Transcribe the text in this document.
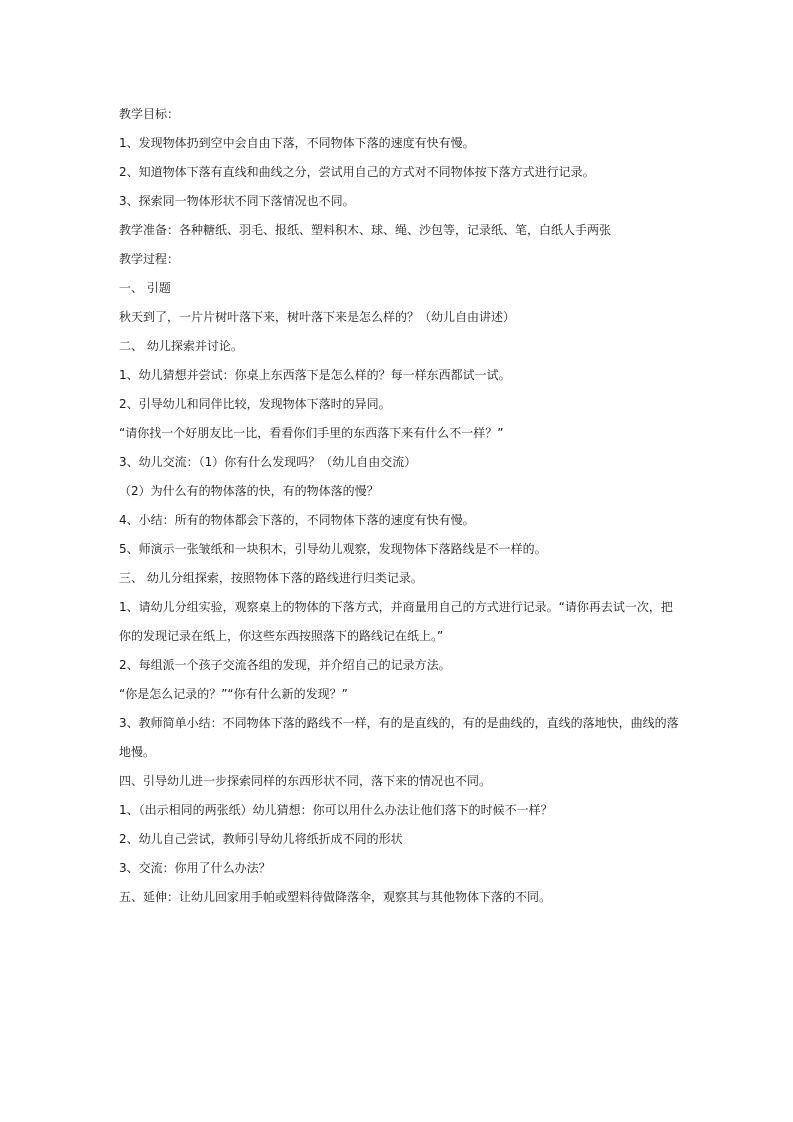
教学目标：
1、发现物体扔到空中会自由下落，不同物体下落的速度有快有慢。
2、知道物体下落有直线和曲线之分，尝试用自己的方式对不同物体按下落方式进行记录。
3、探索同一物体形状不同下落情况也不同。
教学准备：各种糖纸、羽毛、报纸、塑料积木、球、绳、沙包等，记录纸、笔，白纸人手两张
教学过程：
一、 引题
秋天到了，一片片树叶落下来，树叶落下来是怎么样的？（幼儿自由讲述）
二、 幼儿探索并讨论。
1、幼儿猜想并尝试：你桌上东西落下是怎么样的？每一样东西都试一试。
2、引导幼儿和同伴比较，发现物体下落时的异同。
“请你找一个好朋友比一比，看看你们手里的东西落下来有什么不一样？”
3、幼儿交流：（1）你有什么发现吗？（幼儿自由交流）
（2）为什么有的物体落的快，有的物体落的慢？
4、小结：所有的物体都会下落的，不同物体下落的速度有快有慢。
5、师演示一张皱纸和一块积木，引导幼儿观察，发现物体下落路线是不一样的。
三、 幼儿分组探索，按照物体下落的路线进行归类记录。
1、请幼儿分组实验，观察桌上的物体的下落方式，并商量用自己的方式进行记录。“请你再去试一次，把
你的发现记录在纸上，你这些东西按照落下的路线记在纸上。”
2、每组派一个孩子交流各组的发现，并介绍自己的记录方法。
“你是怎么记录的？”“你有什么新的发现？”
3、教师简单小结：不同物体下落的路线不一样，有的是直线的，有的是曲线的，直线的落地快，曲线的落
地慢。
四、引导幼儿进一步探索同样的东西形状不同，落下来的情况也不同。
1、（出示相同的两张纸）幼儿猜想：你可以用什么办法让他们落下的时候不一样？
2、幼儿自己尝试，教师引导幼儿将纸折成不同的形状
3、交流：你用了什么办法？
五、延伸：让幼儿回家用手帕或塑料待做降落伞，观察其与其他物体下落的不同。
